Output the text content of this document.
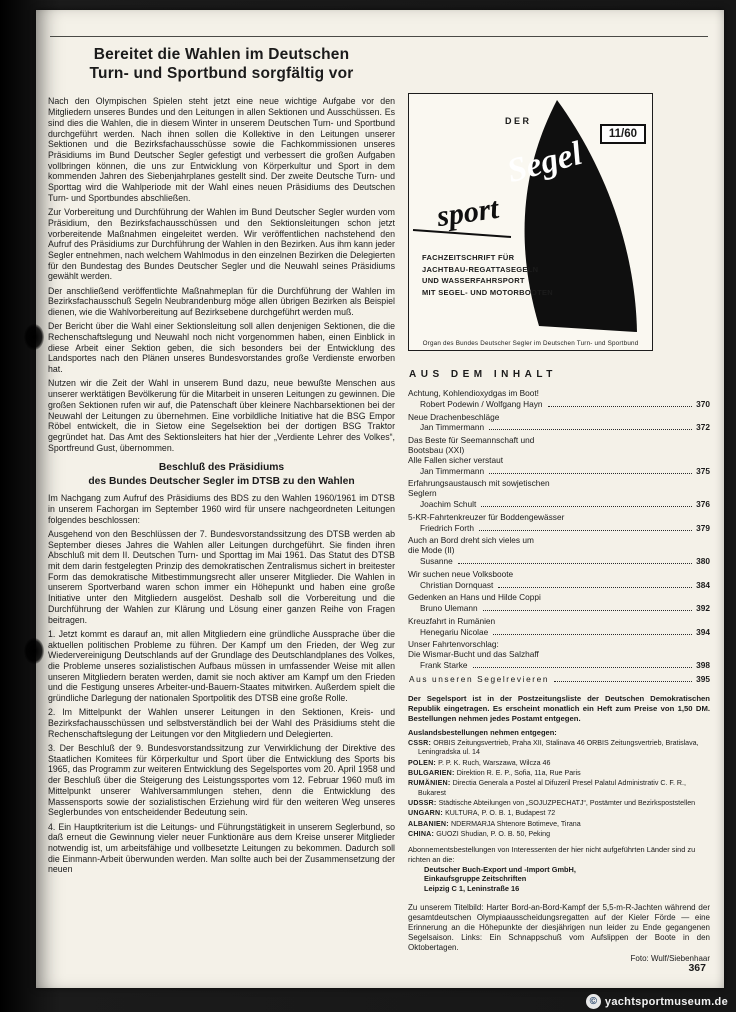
Bereitet die Wahlen im Deutschen
Turn- und Sportbund sorgfältig vor

Nach den Olympischen Spielen steht jetzt eine neue wichtige Aufgabe vor den Mitgliedern unseres Bundes und den Leitungen in allen Sektionen und Ausschüssen. Es sind dies die Wahlen, die in diesem Winter in unserem Deutschen Turn- und Sportbund durchgeführt werden. Nach ihnen sollen die Kollektive in den Leitungen unserer Sektionen und die Bezirksfachausschüsse sowie die Fachkommissionen unseres Präsidiums im Bund Deutscher Segler gefestigt und verbessert die großen Aufgaben vollbringen können, die uns zur Entwicklung von Körperkultur und Sport in dem kommenden Jahren des Siebenjahrplanes gestellt sind. Der zweite Deutsche Turn- und Sporttag wird die Wahlperiode mit der Wahl eines neuen Präsidiums des Deutschen Turn- und Sportbundes abschließen.

Zur Vorbereitung und Durchführung der Wahlen im Bund Deutscher Segler wurden vom Präsidium, den Bezirksfachausschüssen und den Sektionsleitungen schon jetzt vorbereitende Maßnahmen eingeleitet werden. Wir veröffentlichen nachstehend den Aufruf des Präsidiums zur Durchführung der Wahlen in den Bezirken. Aus ihm kann jeder Segler entnehmen, nach welchem Wahlmodus in den einzelnen Bezirken die Delegierten für den Bundestag des Bundes Deutscher Segler und die Neuwahl seines Präsidiums gewählt werden.

Der anschließend veröffentlichte Maßnahmeplan für die Durchführung der Wahlen im Bezirksfachausschuß Segeln Neubrandenburg möge allen übrigen Bezirken als Beispiel dienen, wie die Wahlvorbereitung auf Bezirksebene durchgeführt werden muß.

Der Bericht über die Wahl einer Sektionsleitung soll allen denjenigen Sektionen, die die Rechenschaftslegung und Neuwahl noch nicht vorgenommen haben, einen Einblick in diese Arbeit einer Sektion geben, die sich besonders bei der Entwicklung des Landsportes nach den Plänen unseres Bundesvorstandes große Verdienste erworben hat.

Nutzen wir die Zeit der Wahl in unserem Bund dazu, neue bewußte Menschen aus unserer werktätigen Bevölkerung für die Mitarbeit in unseren Leitungen zu gewinnen. Die großen Sektionen rufen wir auf, die Patenschaft über kleinere Nachbarsektionen bei der Neuwahl der Leitungen zu übernehmen. Eine vorbildliche Initiative hat die BSG Empor Röbel entwickelt, die in Sietow eine Segelsektion bei der dortigen BSG Traktor gegründet hat. Das Amt des Sektionsleiters hat hier der „Verdiente Lehrer des Volkes“, Sportfreund Gust, übernommen.

Beschluß des Präsidiums
des Bundes Deutscher Segler im DTSB zu den Wahlen

Im Nachgang zum Aufruf des Präsidiums des BDS zu den Wahlen 1960/1961 im DTSB in unserem Fachorgan im September 1960 wird für unsere nachgeordneten Leitungen folgendes beschlossen:

Ausgehend von den Beschlüssen der 7. Bundesvorstandssitzung des DTSB werden ab September dieses Jahres die Wahlen aller Leitungen durchgeführt. Sie finden ihren Abschluß mit dem II. Deutschen Turn- und Sporttag im Mai 1961. Das Statut des DTSB mit dem darin festgelegten Prinzip des demokratischen Zentralismus sichert in breitester Form das demokratische Mitbestimmungsrecht aller unserer Mitglieder. Die Wahlen in unserem Sportverband waren schon immer ein Höhepunkt und haben eine große Initiative unter den Mitgliedern ausgelöst. Deshalb soll die Vorbereitung und die Durchführung der Wahlen zur Klärung und Lösung einer ganzen Reihe von Fragen beitragen.

1. Jetzt kommt es darauf an, mit allen Mitgliedern eine gründliche Aussprache über die aktuellen politischen Probleme zu führen. Der Kampf um den Frieden, der Weg zur Wiedervereinigung Deutschlands auf der Grundlage des Deutschlandplanes des Volkes, die Probleme unseres sozialistischen Aufbaus müssen in umfassender Weise mit allen unseren Mitgliedern beraten werden, damit sie noch aktiver am Kampf um den Frieden und die Festigung unseres Arbeiter-und-Bauern-Staates mitwirken. Außerdem spielt die gründliche Darlegung der nationalen Sportpolitik des DTSB eine große Rolle.

2. Im Mittelpunkt der Wahlen unserer Leitungen in den Sektionen, Kreis- und Bezirksfachausschüssen und selbstverständlich bei der Wahl des Präsidiums steht die Rechenschaftslegung der Leitungen vor den Mitgliedern und Delegierten.

3. Der Beschluß der 9. Bundesvorstandssitzung zur Verwirklichung der Direktive des Staatlichen Komitees für Körperkultur und Sport über die Entwicklung des Sports bis 1965, das Programm zur weiteren Entwicklung des Segelsportes vom 20. April 1958 und der Beschluß über die Steigerung des Leistungssportes vom 12. Februar 1960 muß im Mittelpunkt unserer Wahlversammlungen stehen, denn die Entwicklung des Massensports sowie der sozialistischen Erziehung wird für den weiteren Weg unseres Seglerbundes von entscheidender Bedeutung sein.

4. Ein Hauptkriterium ist die Leitungs- und Führungstätigkeit in unserem Seglerbund, so daß erneut die Gewinnung vieler neuer Funktionäre aus dem Kreise unserer Mitglieder notwendig ist, um arbeitsfähige und vollbesetzte Leitungen zu bekommen. Dadurch soll die Einmann-Arbeit überwunden werden. Man sollte auch bei der Zusammensetzung der neuen

DER
Segel
sport
11/60
FACHZEITSCHRIFT FÜR
JACHTBAU-REGATTASEGELN
UND WASSERFAHRSPORT
MIT SEGEL- UND MOTORBOOTEN
Organ des Bundes Deutscher Segler im Deutschen Turn- und Sportbund
AUS DEM INHALT
Achtung, Kohlendioxydgas im Boot!
Robert Podewin / Wolfgang Hayn	370
Neue Drachenbeschläge
Jan Timmermann	372
Das Beste für Seemannschaft und
Bootsbau (XXI)
Alle Fallen sicher verstaut
Jan Timmermann	375
Erfahrungsaustausch mit sowjetischen
Seglern
Joachim Schult	376
5-KR-Fahrtenkreuzer für Boddengewässer
Friedrich Forth	379
Auch an Bord dreht sich vieles um
die Mode (II)
Susanne	380
Wir suchen neue Volksboote
Christian Dornquast	384
Gedenken an Hans und Hilde Coppi
Bruno Ulemann	392
Kreuzfahrt in Rumänien
Henegariu Nicolae	394
Unser Fahrtenvorschlag:
Die Wismar-Bucht und das Salzhaff
Frank Starke	398
Aus unseren Segelrevieren	395

Der Segelsport ist in der Postzeitungsliste der Deutschen Demokratischen Republik eingetragen. Es erscheint monatlich ein Heft zum Preise von 1,50 DM. Bestellungen nehmen jedes Postamt entgegen.

Auslandsbestellungen nehmen entgegen:

CSSR: ORBIS Zeitungsvertrieb, Praha XII, Stalinava 46 ORBIS Zeitungsvertrieb, Bratislava, Leningradska ul. 14

POLEN: P. P. K. Ruch, Warszawa, Wilcza 46

BULGARIEN: Direktion R. E. P., Sofia, 11a, Rue Paris

RUMÄNIEN: Directia Generala a Postel al Difuzeril Presel Palatul Administrativ C. F. R., Bukarest

UDSSR: Städtische Abteilungen von „SOJUZPECHATJ“, Postämter und Bezirkspoststellen

UNGARN: KULTURA, P. O. B. 1, Budapest 72

ALBANIEN: NDERMARJA Shtenore Botimeve, Tirana

CHINA: GUOZI Shudian, P. O. B. 50, Peking

Abonnementsbestellungen von Interessenten der hier nicht aufgeführten Länder sind zu richten an die:

Deutscher Buch-Export und -Import GmbH,
Einkaufsgruppe Zeitschriften
Leipzig C 1, Leninstraße 16

Zu unserem Titelbild: Harter Bord-an-Bord-Kampf der 5,5-m-R-Jachten während der gesamtdeutschen Olympiaausscheidungsregatten auf der Kieler Förde — eine Erinnerung an die Höhepunkte der diesjährigen nun leider zu Ende gegangenen Segelsaison. Links: Ein Schnappschuß vom Aufslippen der Boote in den Oktobertagen.

Foto: Wulf/Siebenhaar
367
© yachtsportmuseum.de
